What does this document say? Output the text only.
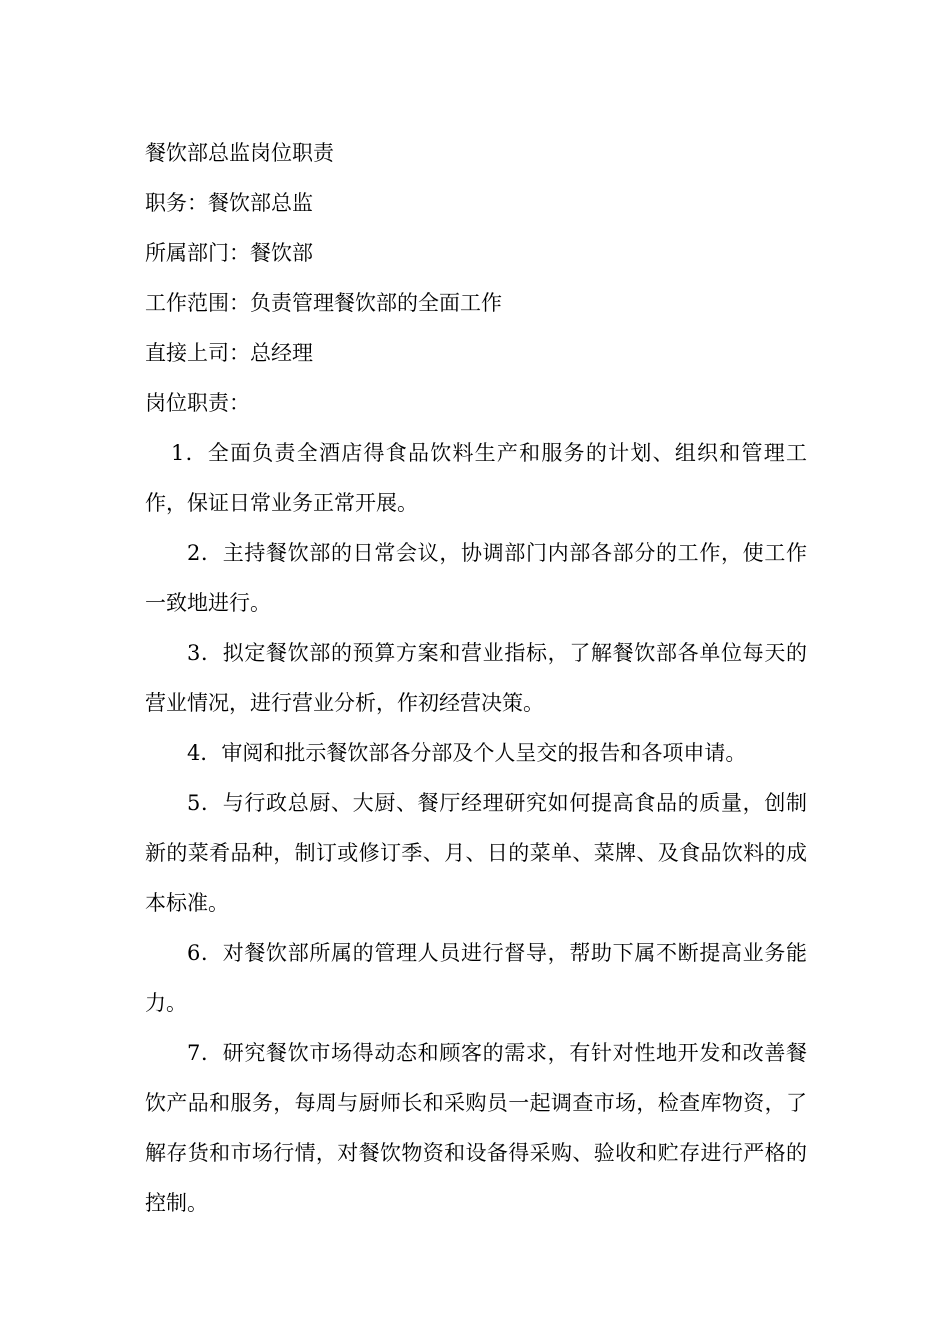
餐饮部总监岗位职责

职务：餐饮部总监

所属部门：餐饮部

工作范围：负责管理餐饮部的全面工作

直接上司：总经理

岗位职责：

1．全面负责全酒店得食品饮料生产和服务的计划、组织和管理工作，保证日常业务正常开展。

2．主持餐饮部的日常会议，协调部门内部各部分的工作，使工作一致地进行。

3．拟定餐饮部的预算方案和营业指标，了解餐饮部各单位每天的营业情况，进行营业分析，作初经营决策。

4．审阅和批示餐饮部各分部及个人呈交的报告和各项申请。

5．与行政总厨、大厨、餐厅经理研究如何提高食品的质量，创制新的菜肴品种，制订或修订季、月、日的菜单、菜牌、及食品饮料的成本标准。

6．对餐饮部所属的管理人员进行督导，帮助下属不断提高业务能力。

7．研究餐饮市场得动态和顾客的需求，有针对性地开发和改善餐饮产品和服务，每周与厨师长和采购员一起调查市场，检查库物资，了解存货和市场行情，对餐饮物资和设备得采购、验收和贮存进行严格的控制。
